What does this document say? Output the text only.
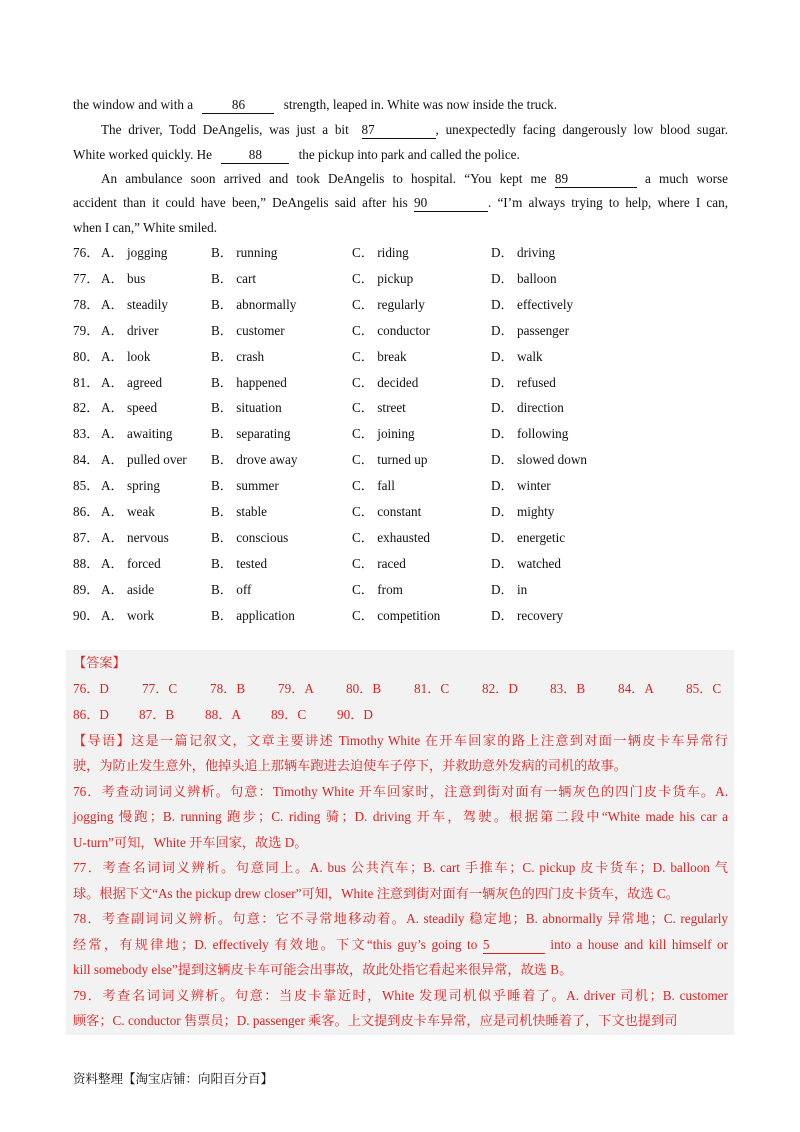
the window and with a	86	strength, leaped in. White was now inside the truck.
The driver, Todd DeAngelis, was just a bit 87	, unexpectedly facing dangerously low blood sugar.
White worked quickly. He	88	the pickup into park and called the police.
An ambulance soon arrived and took DeAngelis to hospital. “You kept me 89	a much worse
accident than it could have been,” DeAngelis said after his 90	. “I’m always trying to help, where I can,
when I can,” White smiled.
76． A． jogging	B． running	C． riding	D． driving
77． A． bus	B． cart	C． pickup	D． balloon
78． A． steadily	B． abnormally	C． regularly	D． effectively
79． A． driver	B． customer	C． conductor	D． passenger
80． A． look	B． crash	C． break	D． walk
81． A． agreed	B． happened	C． decided	D． refused
82． A． speed	B． situation	C． street	D． direction
83． A． awaiting	B． separating	C． joining	D． following
84． A． pulled over B． drove away	C． turned up	D． slowed down
85． A． spring	B． summer	C． fall	D． winter
86． A． weak	B． stable	C． constant	D． mighty
87． A． nervous	B． conscious	C． exhausted	D． energetic
88． A． forced	B． tested	C． raced	D． watched
89． A． aside	B． off	C． from	D． in
90． A． work	B． application	C． competition	D． recovery
【答案】
76．D	77．C 78．B 79．A 80．B 81．C 82．D 83．B 84．A 85．C
86．D 87．B 88．A 89．C 90．D
【导语】这是一篇记叙文，文章主要讲述 Timothy White 在开车回家的路上注意到对面一辆皮卡车异常行
驶，为防止发生意外，他掉头追上那辆车跑进去迫使车子停下，并救助意外发病的司机的故事。
76．考查动词词义辨析。句意：Timothy White 开车回家时，注意到街对面有一辆灰色的四门皮卡货车。A.
jogging 慢跑；B. running 跑步；C. riding 骑；D. driving 开车，驾驶。根据第二段中“White made his car a
U-turn”可知，White 开车回家，故选 D。
77．考查名词词义辨析。句意同上。A. bus 公共汽车；B. cart 手推车；C. pickup 皮卡货车；D. balloon 气
球。根据下文“As the pickup drew closer”可知，White 注意到街对面有一辆灰色的四门皮卡货车，故选 C。
78．考查副词词义辨析。句意：它不寻常地移动着。A. steadily 稳定地；B. abnormally 异常地；C. regularly
经常，有规律地；D. effectively 有效地。下文“this guy’s going to 5	into a house and kill himself or
kill somebody else”提到这辆皮卡车可能会出事故，故此处指它看起来很异常，故选 B。
79．考查名词词义辨析。句意：当皮卡靠近时，White 发现司机似乎睡着了。A. driver 司机；B. customer
顾客；C. conductor 售票员；D. passenger 乘客。上文提到皮卡车异常，应是司机快睡着了，下文也提到司
资料整理【淘宝店铺：向阳百分百】
